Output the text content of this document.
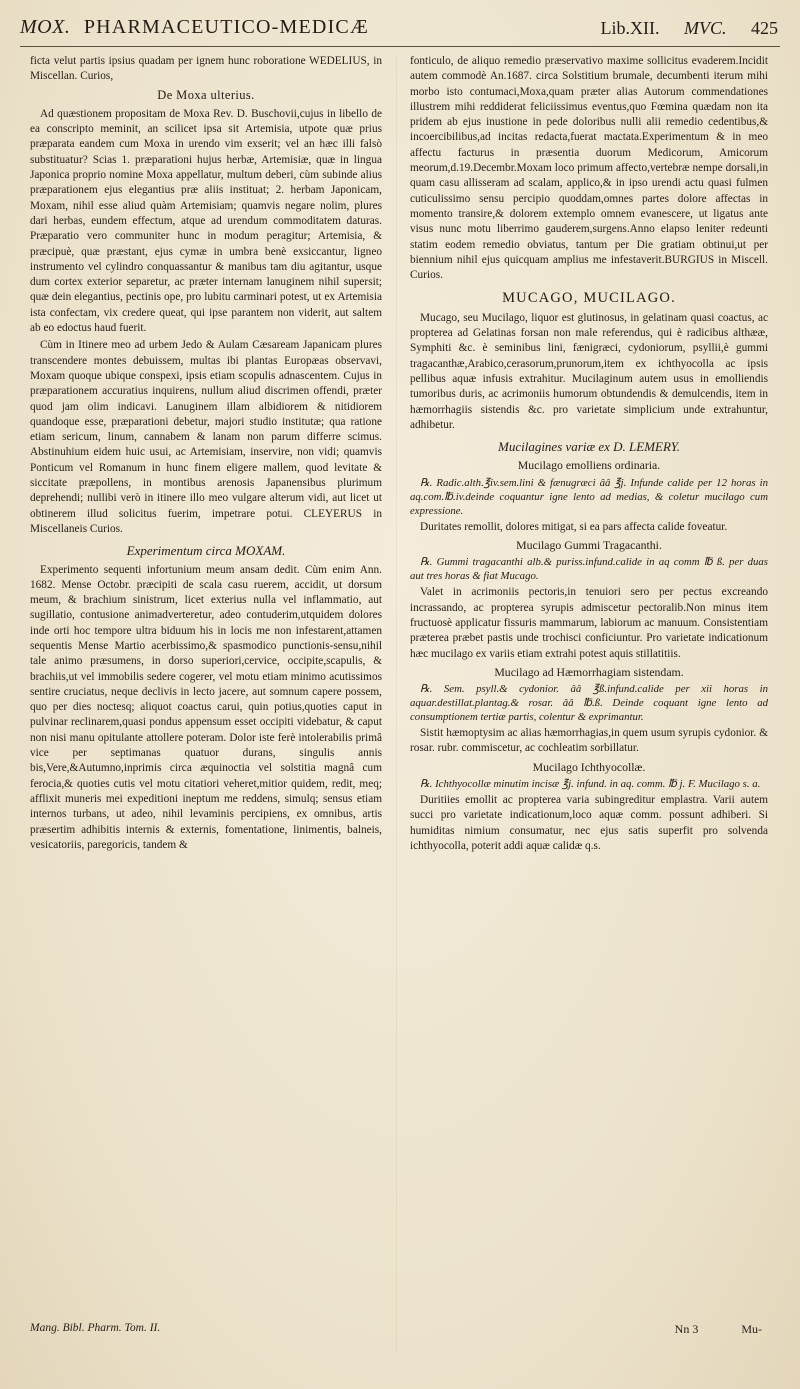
MOX. PHARMACEUTICO-MEDICÆ	Lib.XII. MVC. 425

ficta velut partis ipsius quadam per ignem hunc roboratione WEDELIUS, in Miscellan. Curios,

De Moxa ulterius.

Ad quæstionem propositam de Moxa Rev. D. Buschovii,cujus in libello de ea conscripto meminit, an scilicet ipsa sit Artemisia, utpote quæ prius præparata eandem cum Moxa in urendo vim exserit; vel an hæc illi falsò substituatur? Scias 1. præparationi hujus herbæ, Artemisiæ, quæ in lingua Japonica proprio nomine Moxa appellatur, multum deberi, cùm subinde alius præparationem ejus elegantius præ aliis instituat; 2. herbam Japonicam, Moxam, nihil esse aliud quàm Artemisiam; quamvis negare nolim, plures dari herbas, eundem effectum, atque ad urendum commoditatem daturas. Præparatio vero communiter hunc in modum peragitur; Artemisia, & præcipuè, quæ præstant, ejus cymæ in umbra benè exsiccantur, ligneo instrumento vel cylindro conquassantur & manibus tam diu agitantur, usque dum cortex exterior separetur, ac præter internam lanuginem nihil supersit; quæ dein elegantius, pectinis ope, pro lubitu carminari potest, ut ex Artemisia ista confectam, vix credere queat, qui ipse parantem non viderit, aut saltem ab eo edoctus haud fuerit.

Cùm in Itinere meo ad urbem Jedo & Aulam Cæsaream Japanicam plures transcendere montes debuissem, multas ibi plantas Europæas observavi, Moxam quoque ubique conspexi, ipsis etiam scopulis adnascentem. Cujus in præparationem accuratius inquirens, nullum aliud discrimen offendi, præter quod jam olim indicavi. Lanuginem illam albidiorem & nitidiorem quandoque esse, præparationi debetur, majori studio institutæ; qua ratione etiam sericum, linum, cannabem & lanam non parum differre scimus. Abstinuhium eidem huic usui, ac Artemisiam, inservire, non vidi; quamvis Ponticum vel Romanum in hunc finem eligere mallem, quod levitate & siccitate præpollens, in montibus arenosis Japanensibus plurimum deprehendi; nullibi verò in itinere illo meo vulgare alterum vidi, aut licet ut obtinerem illud solicitus fuerim, impetrare potui. CLEYERUS in Miscellaneis Curios.

Experimentum circa MOXAM.

Experimento sequenti infortunium meum ansam dedit. Cùm enim Ann. 1682. Mense Octobr. præcipiti de scala casu ruerem, accidit, ut dorsum meum, & brachium sinistrum, licet exterius nulla vel inflammatio, aut sugillatio, contusione animadverteretur, adeo contuderim,utquidem dolores inde orti hoc tempore ultra biduum his in locis me non infestarent,attamen sequentis Mense Martio acerbissimo,& spasmodico punctionis-sensu,nihil tale animo præsumens, in dorso superiori,cervice, occipite,scapulis, & brachiis,ut vel immobilis sedere cogerer, vel motu etiam minimo acutissimos sentire cruciatus, neque declivis in lecto jacere, aut somnum capere possem, quo per dies noctesq; aliquot coactus carui, quin potius,quoties caput in pulvinar reclinarem,quasi pondus appensum esset occipiti videbatur, & caput non nisi manu opitulante attollere poteram. Dolor iste ferè intolerabilis primâ vice per septimanas quatuor durans, singulis annis bis,Vere,&Autumno,inprimis circa æquinoctia vel solstitia magnâ cum ferocia,& quoties cutis vel motu citatiori veheret,mitior quidem, redit, meq; afflixit muneris mei expeditioni ineptum me reddens, simulq; sensus etiam internos turbans, ut adeo, nihil levaminis percipiens, ex omnibus, artis præsertim adhibitis internis & externis, fomentatione, linimentis, balneis, vesicatoriis, paregoricis, tandem &

fonticulo, de aliquo remedio præservativo maxime sollicitus evaderem.Incidit autem commodè An.1687. circa Solstitium brumale, decumbenti iterum mihi morbo isto contumaci,Moxa,quam præter alias Autorum commendationes illustrem mihi reddiderat feliciissimus eventus,quo Fœmina quædam non ita pridem ab ejus inustione in pede doloribus nulli alii remedio cedentibus,& incoercibilibus,ad incitas redacta,fuerat mactata.Experimentum & in meo affectu facturus in præsentia duorum Medicorum, Amicorum meorum,d.19.Decembr.Moxam loco primum affecto,vertebræ nempe dorsali,in quam casu allisseram ad scalam, applico,& in ipso urendi actu quasi fulmen cuticulissimo sensu percipio quoddam,omnes partes dolore affectas in momento transire,& dolorem extemplo omnem evanescere, ut ligatus ante visus nunc motu liberrimo gauderem,surgens.Anno elapso leniter redeunti statim eodem remedio obviatus, tantum per Die gratiam obtinui,ut per biennium nihil ejus quicquam amplius me infestaverit.BURGIUS in Miscell. Curios.

MUCAGO, MUCILAGO.

Mucago, seu Mucilago, liquor est glutinosus, in gelatinam quasi coactus, ac propterea ad Gelatinas forsan non male referendus, qui è radicibus althææ, Symphiti &c. è seminibus lini, fænigræci, cydoniorum, psyllii,è gummi tragacanthæ,Arabico,cerasorum,prunorum,item ex ichthyocolla ac ipsis pellibus aquæ infusis extrahitur. Mucilaginum autem usus in emolliendis tumoribus duris, ac acrimoniis humorum obtundendis & demulcendis, item in hæmorrhagiis sistendis &c. pro varietate simplicium unde extrahuntur, adhibetur.

Mucilagines variæ ex D. LEMERY.
Mucilago emolliens ordinaria.

℞. Radic.alth.℥iv.sem.lini & fænugræci ââ ℥j. Infunde calide per 12 horas in aq.com.℔.iv.deinde coquantur igne lento ad medias, & coletur mucilago cum expressione.

Duritates remollit, dolores mitigat, si ea pars affecta calide foveatur.

Mucilago Gummi Tragacanthi.

℞. Gummi tragacanthi alb.& puriss.infund.calide in aq comm ℔ ß. per duas aut tres horas & fiat Mucago.

Valet in acrimoniis pectoris,in tenuiori sero per pectus excreando incrassando, ac propterea syrupis admiscetur pectoralib.Non minus item fructuosè applicatur fissuris mammarum, labiorum ac manuum. Consistentiam præterea præbet pastis unde trochisci conficiuntur. Pro varietate indicationum hæc mucilago ex variis etiam extrahi potest aquis stillatitiis.

Mucilago ad Hæmorrhagiam sistendam.

℞. Sem. psyll.& cydonior. ââ ℥ß.infund.calide per xii horas in aquar.destillat.plantag.& rosar. ââ ℔.ß. Deinde coquant igne lento ad consumptionem tertiæ partis, colentur & exprimantur.

Sistit hæmoptysim ac alias hæmorrhagias,in quem usum syrupis cydonior. & rosar. rubr. commiscetur, ac cochleatim sorbillatur.

Mucilago Ichthyocollæ.

℞. Ichthyocollæ minutim incisæ ℥j. infund. in aq. comm. ℔ j. F. Mucilago s. a.

Duritiies emollit ac propterea varia subingreditur emplastra. Varii autem succi pro varietate indicationum,loco aquæ comm. possunt adhiberi. Si humiditas nimium consumatur, nec ejus satis superfit pro solvenda ichthyocolla, poterit addi aquæ calidæ q.s.

Mang. Bibl. Pharm. Tom. II.	Nn 3	Mu-
